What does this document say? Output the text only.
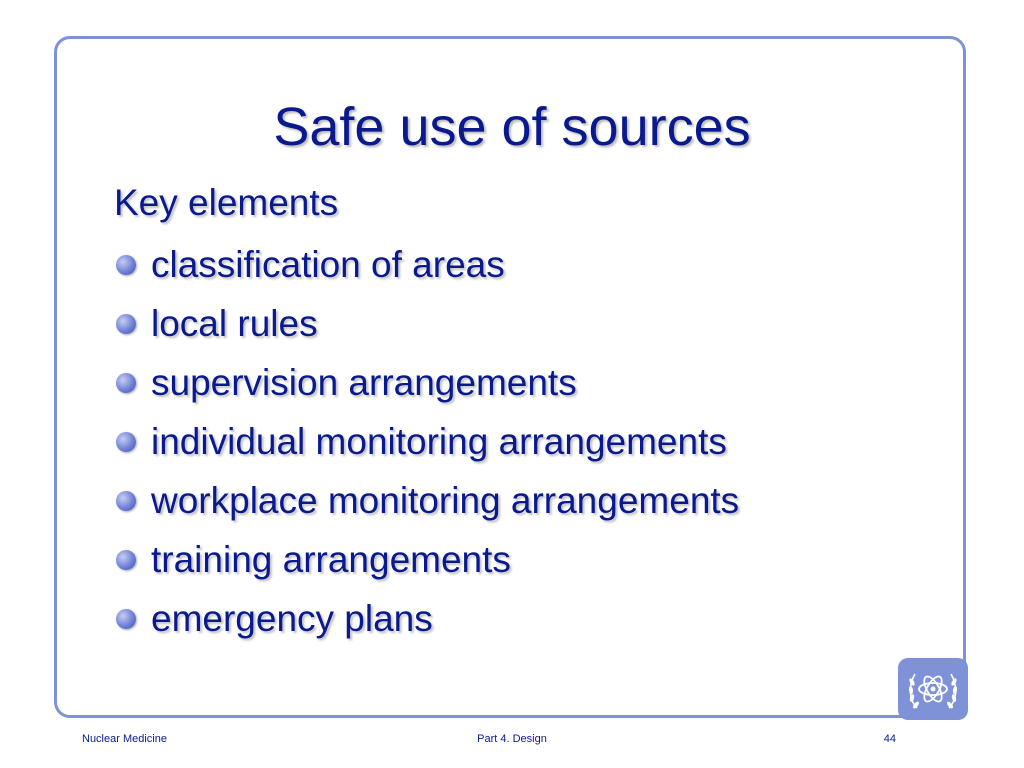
Safe use of sources
Key elements
classification of areas
local rules
supervision arrangements
individual monitoring arrangements
workplace monitoring arrangements
training arrangements
emergency plans
Nuclear Medicine	Part 4. Design	44
